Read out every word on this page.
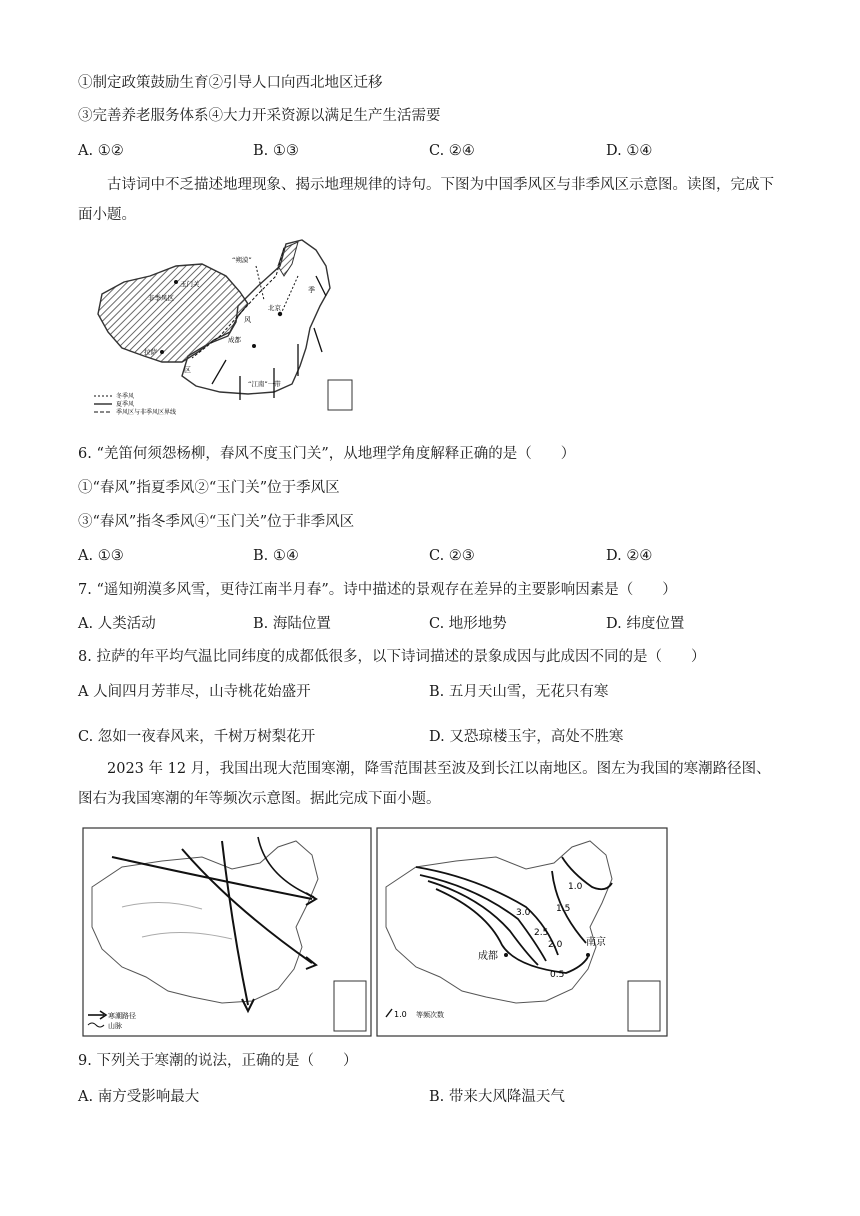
①制定政策鼓励生育②引导人口向西北地区迁移
③完善养老服务体系④大力开采资源以满足生产生活需要
A. ①②	B. ①③	C. ②④	D. ①④
古诗词中不乏描述地理现象、揭示地理规律的诗句。下图为中国季风区与非季风区示意图。读图，完成下面小题。
玉门关
非季风区
拉萨
成都
北京
“朔漠”
“江南”一带
季
风
区
冬季风
夏季风
季风区与非季风区界线
6. “羌笛何须怨杨柳，春风不度玉门关”，从地理学角度解释正确的是（　　）
①“春风”指夏季风②“玉门关”位于季风区
③“春风”指冬季风④“玉门关”位于非季风区
A. ①③	B. ①④	C. ②③	D. ②④
7. “遥知朔漠多风雪，更待江南半月春”。诗中描述的景观存在差异的主要影响因素是（　　）
A. 人类活动	B. 海陆位置	C. 地形地势	D. 纬度位置
8. 拉萨的年平均气温比同纬度的成都低很多，以下诗词描述的景象成因与此成因不同的是（　　）
A 人间四月芳菲尽，山寺桃花始盛开	B. 五月天山雪，无花只有寒
C. 忽如一夜春风来，千树万树梨花开	D. 又恐琼楼玉宇，高处不胜寒
2023 年 12 月，我国出现大范围寒潮，降雪范围甚至波及到长江以南地区。图左为我国的寒潮路径图、图右为我国寒潮的年等频次示意图。据此完成下面小题。
寒潮路径
山脉
1.0
1.5
3.0
2.5
2.0
0.5
成都
南京
1.0 等频次数
9. 下列关于寒潮的说法，正确的是（　　）
A. 南方受影响最大	B. 带来大风降温天气
